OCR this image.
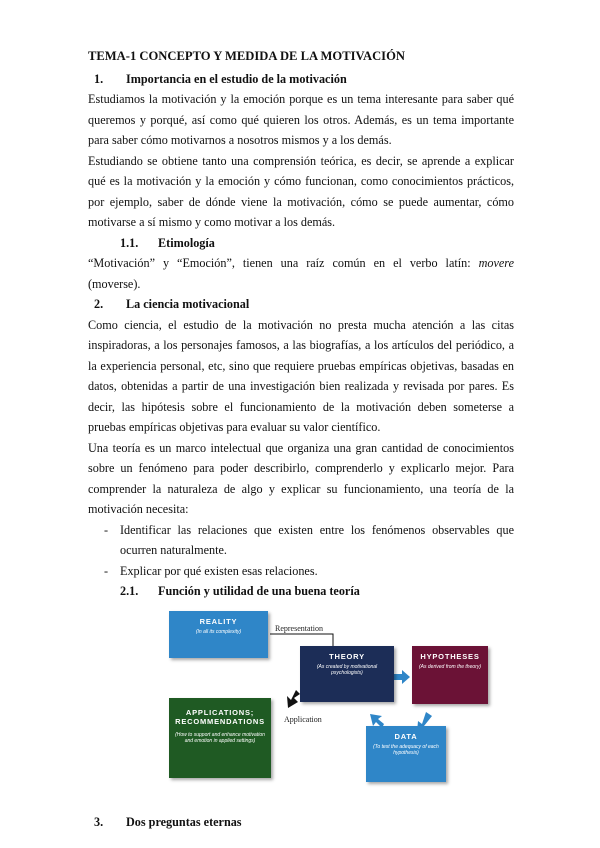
TEMA-1 CONCEPTO Y MEDIDA DE LA MOTIVACIÓN
1.	Importancia en el estudio de la motivación

Estudiamos la motivación y la emoción porque es un tema interesante para saber qué queremos y porqué, así como qué quieren los otros. Además, es un tema importante para saber cómo motivarnos a nosotros mismos y a los demás.

Estudiando se obtiene tanto una comprensión teórica, es decir, se aprende a explicar qué es la motivación y la emoción y cómo funcionan, como conocimientos prácticos, por ejemplo, saber de dónde viene la motivación, cómo se puede aumentar, cómo motivarse a sí mismo y como motivar a los demás.

1.1.	Etimología

“Motivación” y “Emoción”, tienen una raíz común en el verbo latín: movere (moverse).

2.	La ciencia motivacional

Como ciencia, el estudio de la motivación no presta mucha atención a las citas inspiradoras, a los personajes famosos, a las biografías, a los artículos del periódico, a la experiencia personal, etc, sino que requiere pruebas empíricas objetivas, basadas en datos, obtenidas a partir de una investigación bien realizada y revisada por pares. Es decir, las hipótesis sobre el funcionamiento de la motivación deben someterse a pruebas empíricas objetivas para evaluar su valor científico.

Una teoría es un marco intelectual que organiza una gran cantidad de conocimientos sobre un fenómeno para poder describirlo, comprenderlo y explicarlo mejor. Para comprender la naturaleza de algo y explicar su funcionamiento, una teoría de la motivación necesita:

- Identificar las relaciones que existen entre los fenómenos observables que ocurren naturalmente.
- Explicar por qué existen esas relaciones.
2.1.	Función y utilidad de una buena teoría
REALITY
(In all its complexity)
THEORY
(As created by motivational psychologists)
HYPOTHESES
(As derived from the theory)
DATA
(To test the adequacy of each hypothesis)
APPLICATIONS; RECOMMENDATIONS
(How to support and enhance motivation and emotion in applied settings)
Representation
Application
3.	Dos preguntas eternas
